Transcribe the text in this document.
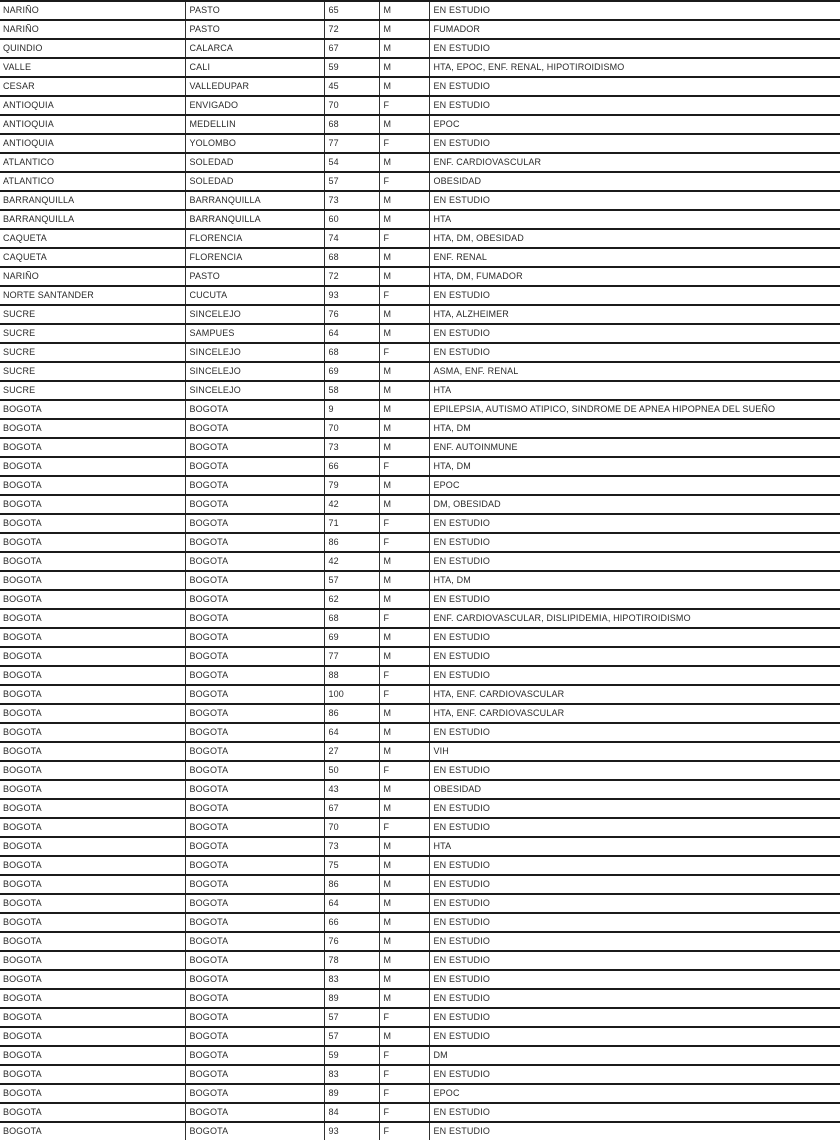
NARIÑO	PASTO	65	M	EN ESTUDIO
NARIÑO	PASTO	72	M	FUMADOR
QUINDIO	CALARCA	67	M	EN ESTUDIO
VALLE	CALI	59	M	HTA, EPOC, ENF. RENAL, HIPOTIROIDISMO
CESAR	VALLEDUPAR	45	M	EN ESTUDIO
ANTIOQUIA	ENVIGADO	70	F	EN ESTUDIO
ANTIOQUIA	MEDELLIN	68	M	EPOC
ANTIOQUIA	YOLOMBO	77	F	EN ESTUDIO
ATLANTICO	SOLEDAD	54	M	ENF. CARDIOVASCULAR
ATLANTICO	SOLEDAD	57	F	OBESIDAD
BARRANQUILLA	BARRANQUILLA	73	M	EN ESTUDIO
BARRANQUILLA	BARRANQUILLA	60	M	HTA
CAQUETA	FLORENCIA	74	F	HTA, DM, OBESIDAD
CAQUETA	FLORENCIA	68	M	ENF. RENAL
NARIÑO	PASTO	72	M	HTA, DM, FUMADOR
NORTE SANTANDER	CUCUTA	93	F	EN ESTUDIO
SUCRE	SINCELEJO	76	M	HTA, ALZHEIMER
SUCRE	SAMPUES	64	M	EN ESTUDIO
SUCRE	SINCELEJO	68	F	EN ESTUDIO
SUCRE	SINCELEJO	69	M	ASMA, ENF. RENAL
SUCRE	SINCELEJO	58	M	HTA
BOGOTA	BOGOTA	9	M	EPILEPSIA, AUTISMO ATIPICO, SINDROME DE APNEA HIPOPNEA DEL SUEÑO
BOGOTA	BOGOTA	70	M	HTA, DM
BOGOTA	BOGOTA	73	M	ENF. AUTOINMUNE
BOGOTA	BOGOTA	66	F	HTA, DM
BOGOTA	BOGOTA	79	M	EPOC
BOGOTA	BOGOTA	42	M	DM, OBESIDAD
BOGOTA	BOGOTA	71	F	EN ESTUDIO
BOGOTA	BOGOTA	86	F	EN ESTUDIO
BOGOTA	BOGOTA	42	M	EN ESTUDIO
BOGOTA	BOGOTA	57	M	HTA, DM
BOGOTA	BOGOTA	62	M	EN ESTUDIO
BOGOTA	BOGOTA	68	F	ENF. CARDIOVASCULAR, DISLIPIDEMIA, HIPOTIROIDISMO
BOGOTA	BOGOTA	69	M	EN ESTUDIO
BOGOTA	BOGOTA	77	M	EN ESTUDIO
BOGOTA	BOGOTA	88	F	EN ESTUDIO
BOGOTA	BOGOTA	100	F	HTA, ENF. CARDIOVASCULAR
BOGOTA	BOGOTA	86	M	HTA, ENF. CARDIOVASCULAR
BOGOTA	BOGOTA	64	M	EN ESTUDIO
BOGOTA	BOGOTA	27	M	VIH
BOGOTA	BOGOTA	50	F	EN ESTUDIO
BOGOTA	BOGOTA	43	M	OBESIDAD
BOGOTA	BOGOTA	67	M	EN ESTUDIO
BOGOTA	BOGOTA	70	F	EN ESTUDIO
BOGOTA	BOGOTA	73	M	HTA
BOGOTA	BOGOTA	75	M	EN ESTUDIO
BOGOTA	BOGOTA	86	M	EN ESTUDIO
BOGOTA	BOGOTA	64	M	EN ESTUDIO
BOGOTA	BOGOTA	66	M	EN ESTUDIO
BOGOTA	BOGOTA	76	M	EN ESTUDIO
BOGOTA	BOGOTA	78	M	EN ESTUDIO
BOGOTA	BOGOTA	83	M	EN ESTUDIO
BOGOTA	BOGOTA	89	M	EN ESTUDIO
BOGOTA	BOGOTA	57	F	EN ESTUDIO
BOGOTA	BOGOTA	57	M	EN ESTUDIO
BOGOTA	BOGOTA	59	F	DM
BOGOTA	BOGOTA	83	F	EN ESTUDIO
BOGOTA	BOGOTA	89	F	EPOC
BOGOTA	BOGOTA	84	F	EN ESTUDIO
BOGOTA	BOGOTA	93	F	EN ESTUDIO
